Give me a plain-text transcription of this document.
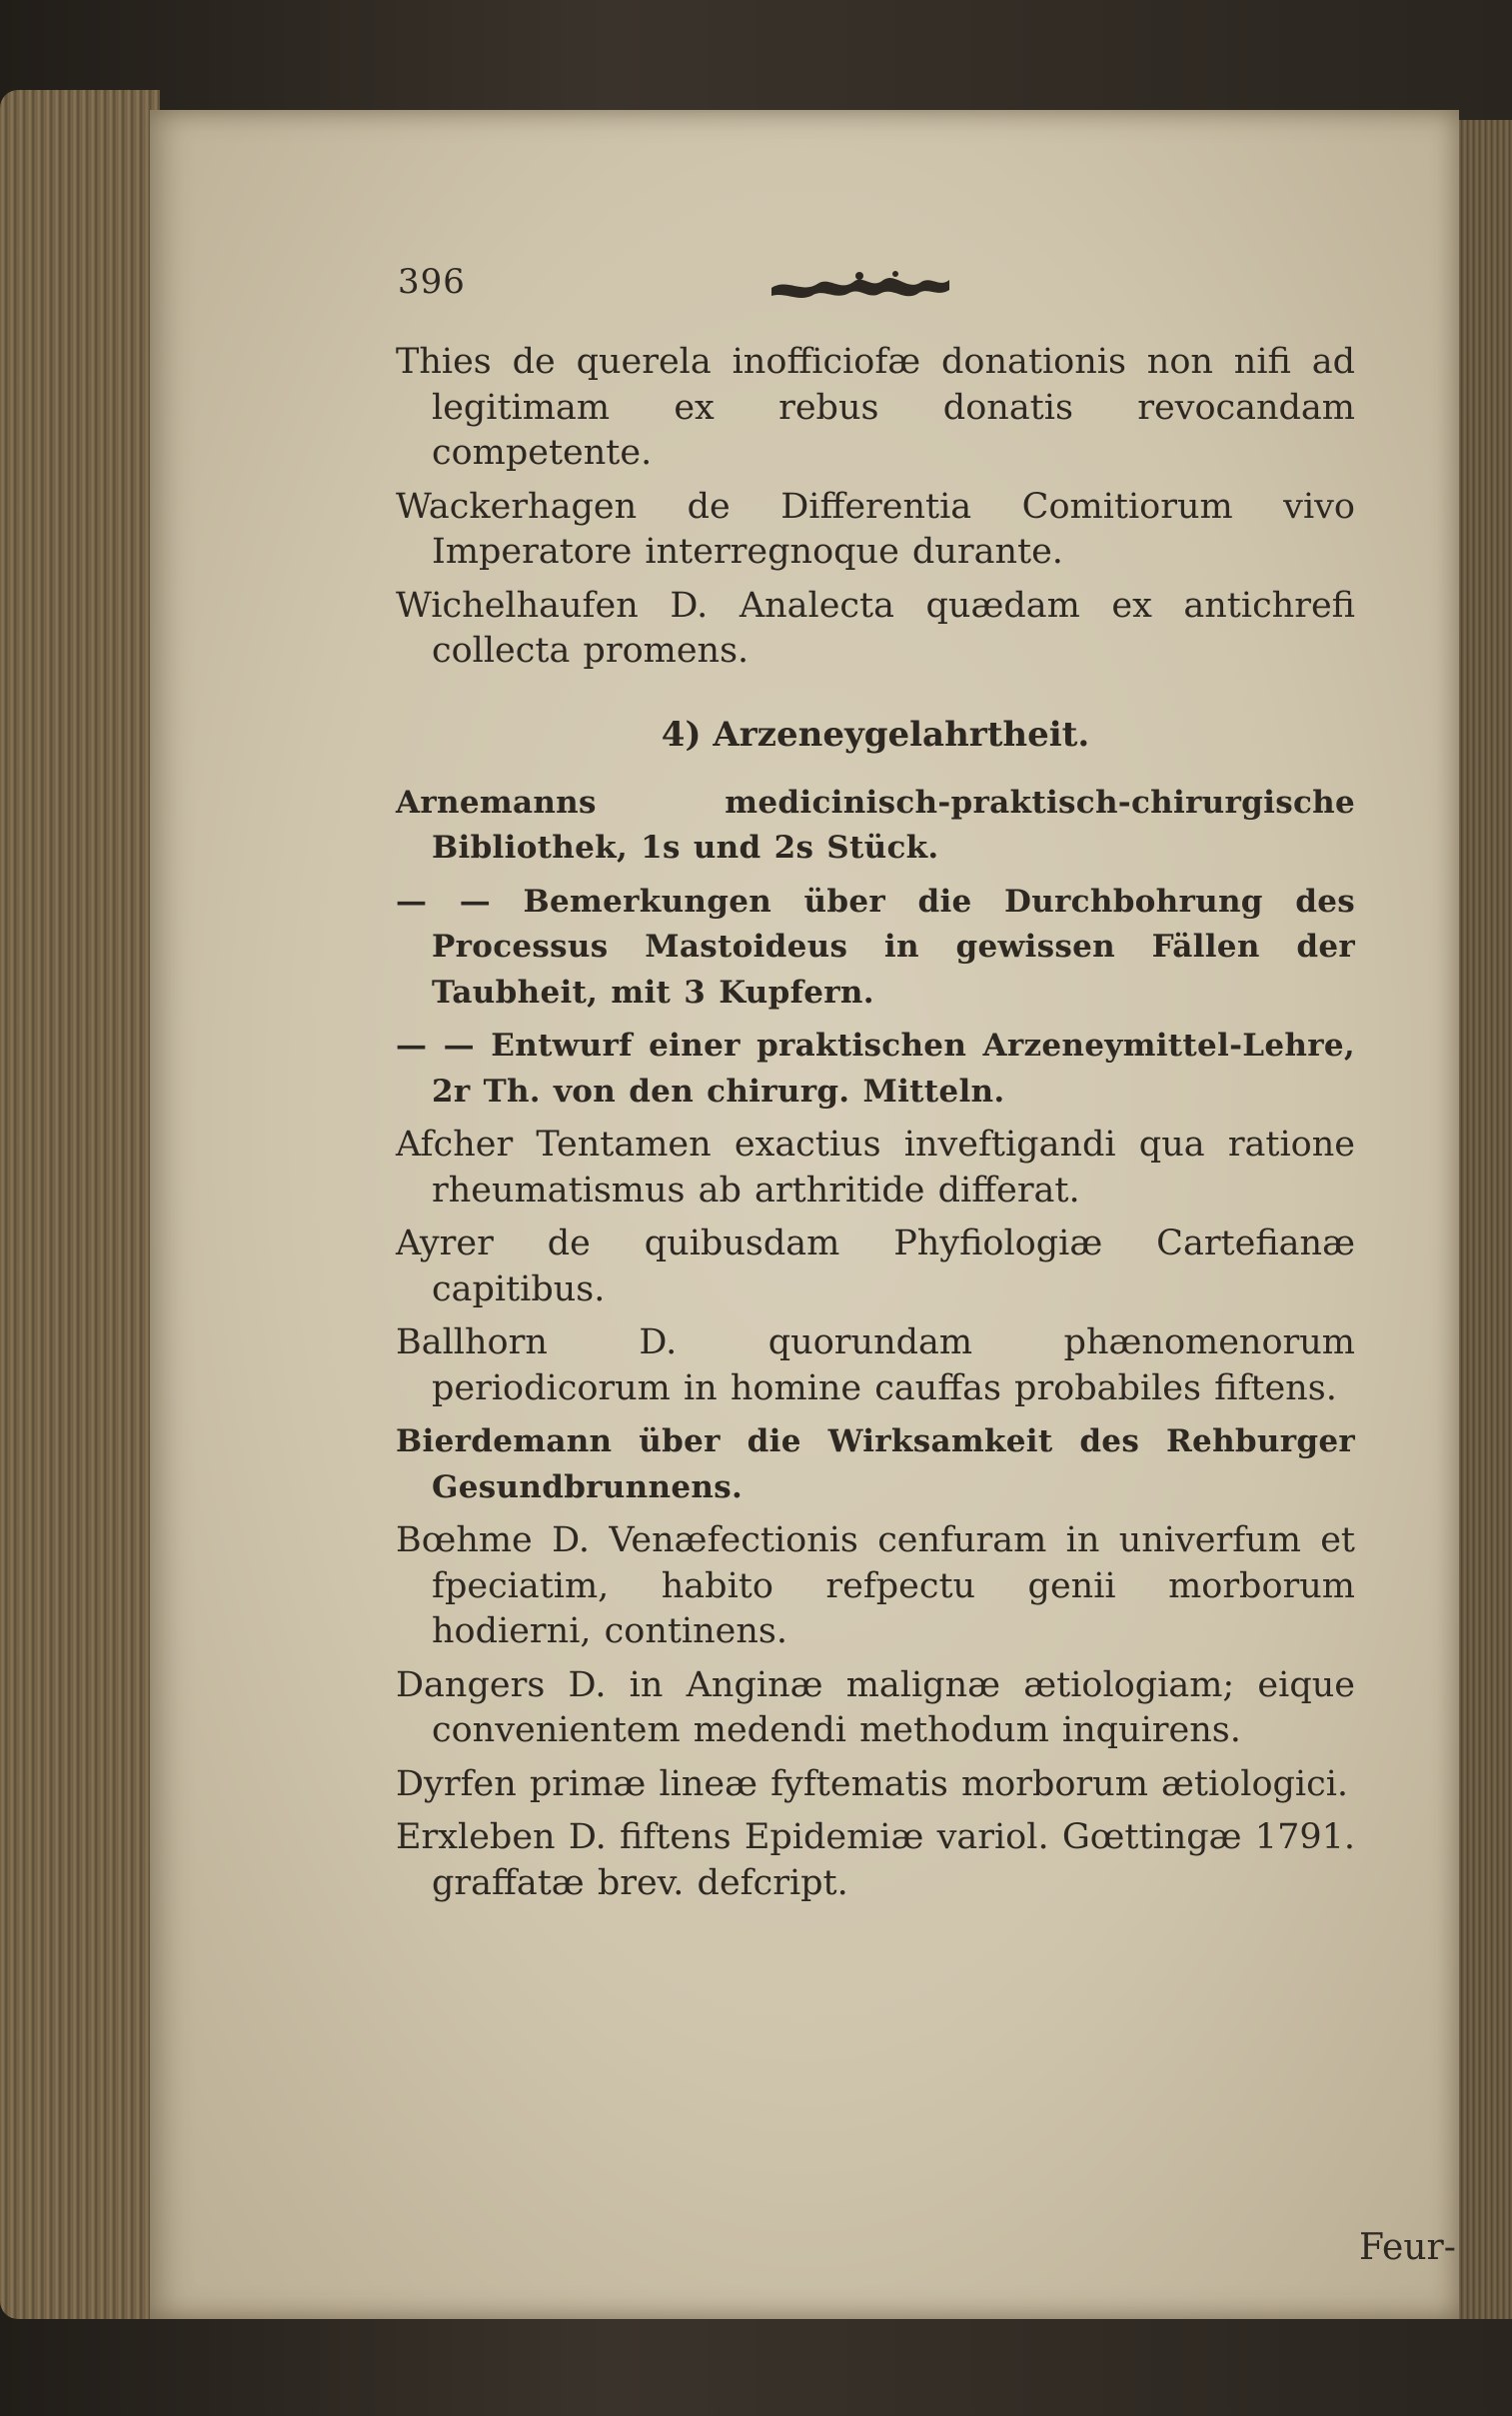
396

Thies de querela inofficiofæ donationis non nifi ad legitimam ex rebus donatis revocandam competente.

Wackerhagen de Differentia Comitiorum vivo Imperatore interregnoque durante.

Wichelhaufen D. Analecta quædam ex antichrefi collecta promens.

4) Arzeneygelahrtheit.

Arnemanns medicinisch-praktisch-chirurgische Bibliothek, 1s und 2s Stück.

— — Bemerkungen über die Durchbohrung des Processus Mastoideus in gewissen Fällen der Taubheit, mit 3 Kupfern.

— — Entwurf einer praktischen Arzeneymittel-Lehre, 2r Th. von den chirurg. Mitteln.

Afcher Tentamen exactius inveftigandi qua ratione rheumatismus ab arthritide differat.

Ayrer de quibusdam Phyfiologiæ Cartefianæ capitibus.

Ballhorn D. quorundam phænomenorum periodicorum in homine cauffas probabiles fiftens.

Bierdemann über die Wirksamkeit des Rehburger Gesundbrunnens.

Bœhme D. Venæfectionis cenfuram in univerfum et fpeciatim, habito refpectu genii morborum hodierni, continens.

Dangers D. in Anginæ malignæ ætiologiam; eique convenientem medendi methodum inquirens.

Dyrfen primæ lineæ fyftematis morborum ætiologici.

Erxleben D. fiftens Epidemiæ variol. Gœttingæ 1791. graffatæ brev. defcript.

Feur-
